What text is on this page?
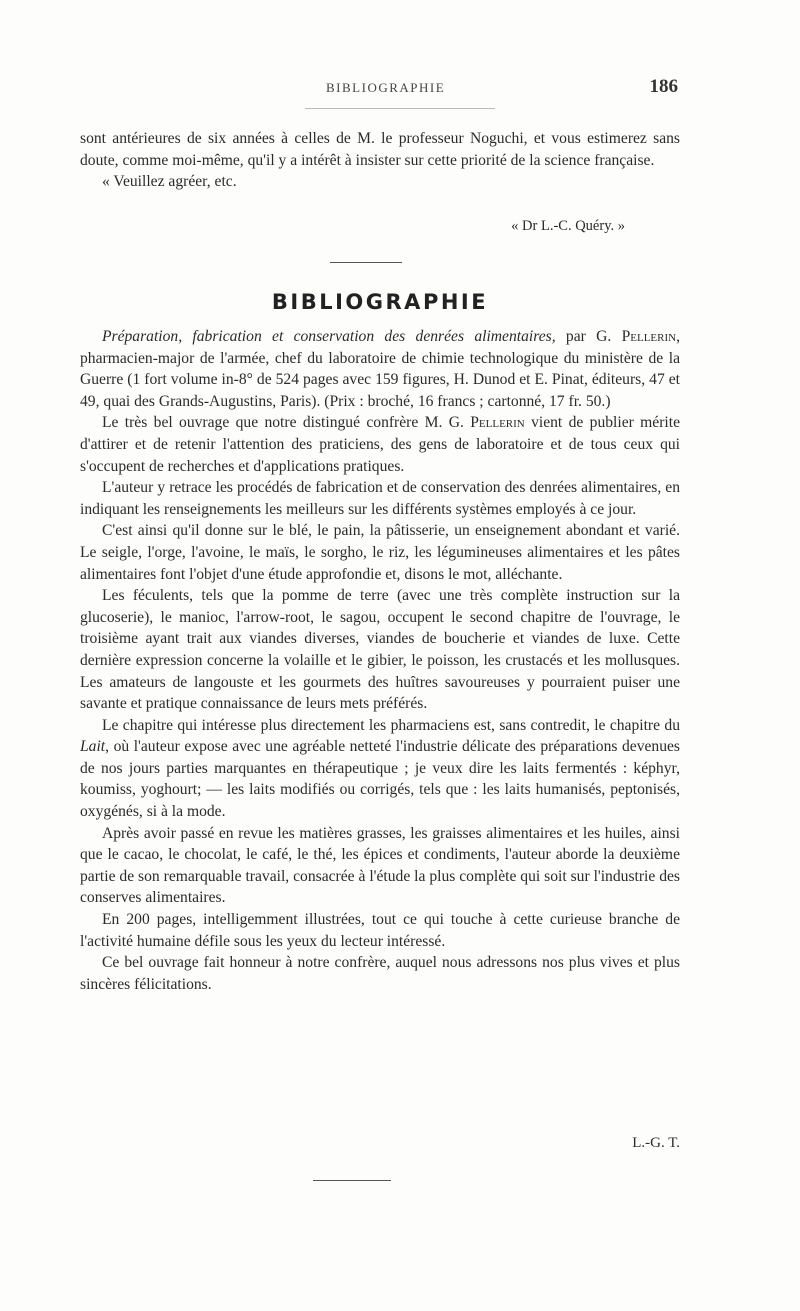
BIBLIOGRAPHIE	186

sont antérieures de six années à celles de M. le professeur Noguchi, et vous estimerez sans doute, comme moi-même, qu'il y a intérêt à insister sur cette priorité de la science française.

« Veuillez agréer, etc.

« Dr L.-C. Quéry. »
BIBLIOGRAPHIE

Préparation, fabrication et conservation des denrées alimentaires, par G. Pellerin, pharmacien-major de l'armée, chef du laboratoire de chimie technologique du ministère de la Guerre (1 fort volume in-8° de 524 pages avec 159 figures, H. Dunod et E. Pinat, éditeurs, 47 et 49, quai des Grands-Augustins, Paris). (Prix : broché, 16 francs ; cartonné, 17 fr. 50.)

Le très bel ouvrage que notre distingué confrère M. G. Pellerin vient de publier mérite d'attirer et de retenir l'attention des praticiens, des gens de laboratoire et de tous ceux qui s'occupent de recherches et d'applications pratiques.

L'auteur y retrace les procédés de fabrication et de conservation des denrées alimentaires, en indiquant les renseignements les meilleurs sur les différents systèmes employés à ce jour.

C'est ainsi qu'il donne sur le blé, le pain, la pâtisserie, un enseignement abondant et varié. Le seigle, l'orge, l'avoine, le maïs, le sorgho, le riz, les légumineuses alimentaires et les pâtes alimentaires font l'objet d'une étude approfondie et, disons le mot, alléchante.

Les féculents, tels que la pomme de terre (avec une très complète instruction sur la glucoserie), le manioc, l'arrow-root, le sagou, occupent le second chapitre de l'ouvrage, le troisième ayant trait aux viandes diverses, viandes de boucherie et viandes de luxe. Cette dernière expression concerne la volaille et le gibier, le poisson, les crustacés et les mollusques. Les amateurs de langouste et les gourmets des huîtres savoureuses y pourraient puiser une savante et pratique connaissance de leurs mets préférés.

Le chapitre qui intéresse plus directement les pharmaciens est, sans contredit, le chapitre du Lait, où l'auteur expose avec une agréable netteté l'industrie délicate des préparations devenues de nos jours parties marquantes en thérapeutique ; je veux dire les laits fermentés : képhyr, koumiss, yoghourt; — les laits modifiés ou corrigés, tels que : les laits humanisés, peptonisés, oxygénés, si à la mode.

Après avoir passé en revue les matières grasses, les graisses alimentaires et les huiles, ainsi que le cacao, le chocolat, le café, le thé, les épices et condiments, l'auteur aborde la deuxième partie de son remarquable travail, consacrée à l'étude la plus complète qui soit sur l'industrie des conserves alimentaires.

En 200 pages, intelligemment illustrées, tout ce qui touche à cette curieuse branche de l'activité humaine défile sous les yeux du lecteur intéressé.

Ce bel ouvrage fait honneur à notre confrère, auquel nous adressons nos plus vives et plus sincères félicitations.

L.-G. T.
